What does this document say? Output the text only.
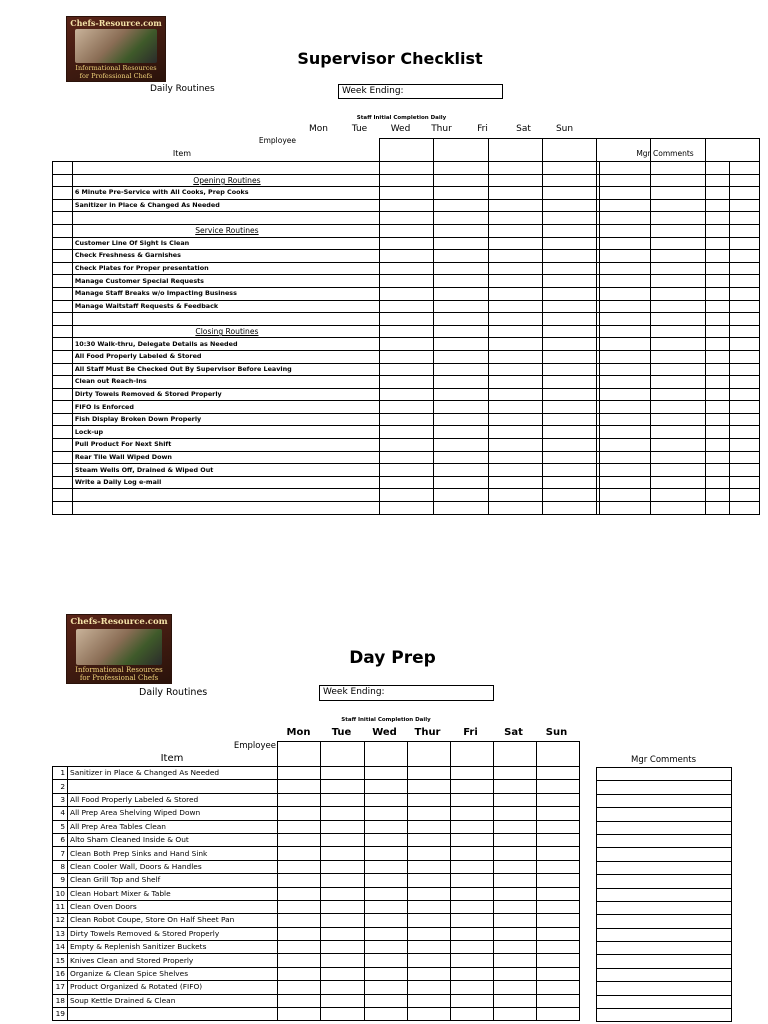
Chefs-Resource.com
Informational Resources
for Professional Chefs
Supervisor Checklist
Daily Routines	Week Ending:
Staff Initial Completion Daily
Employee
Item	Mgr Comments
Mon	Tue	Wed	Thur	Fri	Sat	Sun

	Opening Routines							
	6 Minute Pre-Service with All Cooks, Prep Cooks							
	Sanitizer in Place & Changed As Needed							

	Service Routines							
	Customer Line Of Sight Is Clean							
	Check Freshness & Garnishes							
	Check Plates for Proper presentation							
	Manage Customer Special Requests							
	Manage Staff Breaks w/o Impacting Business							
	Manage Waitstaff Requests & Feedback							

	Closing Routines							
	10:30 Walk-thru, Delegate Details as Needed							
	All Food Properly Labeled & Stored							
	All Staff Must Be Checked Out By Supervisor Before Leaving							
	Clean out Reach-Ins							
	Dirty Towels Removed & Stored Properly							
	FIFO Is Enforced							
	Fish Display Broken Down Properly							
	Lock-up							
	Pull Product For Next Shift							
	Rear Tile Wall Wiped Down							
	Steam Wells Off, Drained & Wiped Out							
	Write a Daily Log e-mail							

Chefs-Resource.com
Informational Resources
for Professional Chefs
Day Prep
Daily Routines	Week Ending:
Staff Initial Completion Daily
Employee
Item	Mgr Comments
Mon	Tue	Wed	Thur	Fri	Sat	Sun

1	Sanitizer in Place & Changed As Needed							
2								
3	All Food Properly Labeled & Stored							
4	All Prep Area Shelving Wiped Down							
5	All Prep Area Tables Clean							
6	Alto Sham Cleaned Inside & Out							
7	Clean Both Prep Sinks and Hand Sink							
8	Clean Cooler Wall, Doors & Handles							
9	Clean Grill Top and Shelf							
10	Clean Hobart Mixer & Table							
11	Clean Oven Doors							
12	Clean Robot Coupe, Store On Half Sheet Pan							
13	Dirty Towels Removed & Stored Properly							
14	Empty & Replenish Sanitizer Buckets							
15	Knives Clean and Stored Properly							
16	Organize & Clean Spice Shelves							
17	Product Organized & Rotated (FIFO)							
18	Soup Kettle Drained & Clean							
19								
